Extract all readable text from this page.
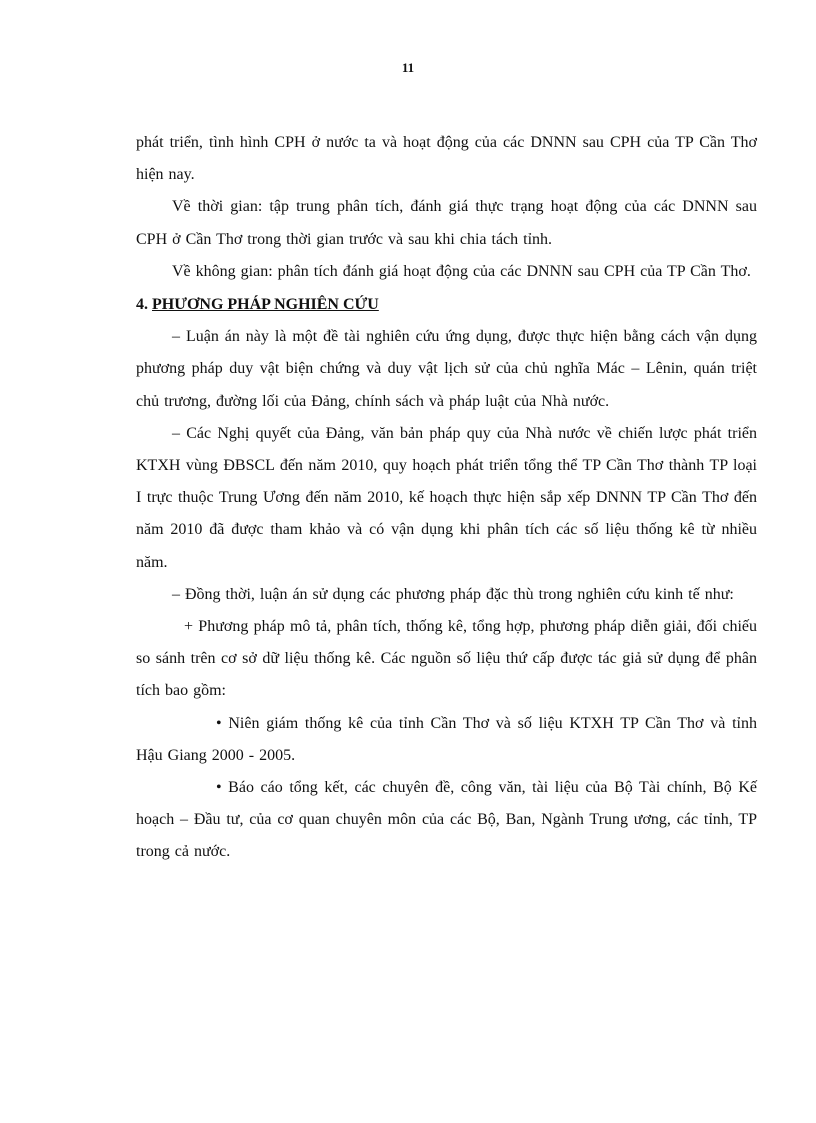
11

phát triển, tình hình CPH ở nước ta và hoạt động của các DNNN sau CPH của TP Cần Thơ hiện nay.

Về thời gian: tập trung phân tích, đánh giá thực trạng hoạt động của các DNNN sau CPH ở Cần Thơ trong thời gian trước và sau khi chia tách tỉnh.

Về không gian: phân tích đánh giá hoạt động của các DNNN sau CPH của TP Cần Thơ.

4. PHƯƠNG PHÁP NGHIÊN CỨU

– Luận án này là một đề tài nghiên cứu ứng dụng, được thực hiện bằng cách vận dụng phương pháp duy vật biện chứng và duy vật lịch sử của chủ nghĩa Mác – Lênin, quán triệt chủ trương, đường lối của Đảng, chính sách và pháp luật của Nhà nước.

– Các Nghị quyết của Đảng, văn bản pháp quy của Nhà nước về chiến lược phát triển KTXH vùng ĐBSCL đến năm 2010, quy hoạch phát triển tổng thể TP Cần Thơ thành TP loại I trực thuộc Trung Ương đến năm 2010, kế hoạch thực hiện sắp xếp DNNN TP Cần Thơ đến năm 2010 đã được tham khảo và có vận dụng khi phân tích các số liệu thống kê từ nhiều năm.

– Đồng thời, luận án sử dụng các phương pháp đặc thù trong nghiên cứu kinh tế như:

+ Phương pháp mô tả, phân tích, thống kê, tổng hợp, phương pháp diễn giải, đối chiếu so sánh trên cơ sở dữ liệu thống kê. Các nguồn số liệu thứ cấp được tác giả sử dụng để phân tích bao gồm:

• Niên giám thống kê của tỉnh Cần Thơ và số liệu KTXH TP Cần Thơ và tỉnh Hậu Giang 2000 - 2005.

• Báo cáo tổng kết, các chuyên đề, công văn, tài liệu của Bộ Tài chính, Bộ Kế hoạch – Đầu tư, của cơ quan chuyên môn của các Bộ, Ban, Ngành Trung ương, các tỉnh, TP trong cả nước.
